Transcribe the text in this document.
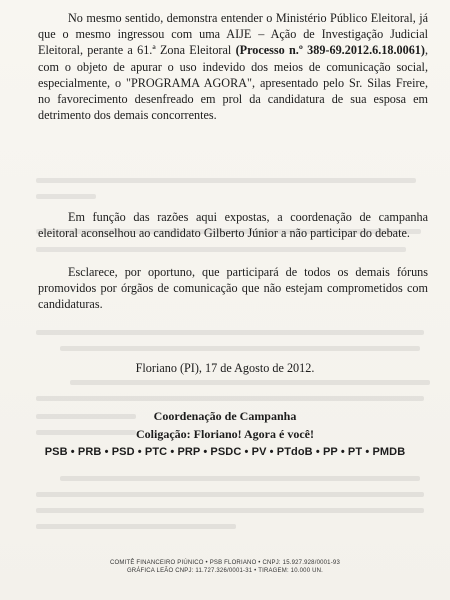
No mesmo sentido, demonstra entender o Ministério Público Eleitoral, já que o mesmo ingressou com uma AIJE – Ação de Investigação Judicial Eleitoral, perante a 61.ª Zona Eleitoral (Processo n.º 389-69.2012.6.18.0061), com o objeto de apurar o uso indevido dos meios de comunicação social, especialmente, o "PROGRAMA AGORA", apresentado pelo Sr. Silas Freire, no favorecimento desenfreado em prol da candidatura de sua esposa em detrimento dos demais concorrentes.

Em função das razões aqui expostas, a coordenação de campanha eleitoral aconselhou ao candidato Gilberto Júnior a não participar do debate.

Esclarece, por oportuno, que participará de todos os demais fóruns promovidos por órgãos de comunicação que não estejam comprometidos com candidaturas.

Floriano (PI), 17 de Agosto de 2012.
Coordenação de Campanha
Coligação: Floriano! Agora é você!
PSB • PRB • PSD • PTC • PRP • PSDC • PV • PTdoB • PP • PT • PMDB
COMITÊ FINANCEIRO PIÚNICO • PSB FLORIANO • CNPJ: 15.927.928/0001-93
GRÁFICA LEÃO CNPJ: 11.727.326/0001-31 • TIRAGEM: 10.000 UN.
